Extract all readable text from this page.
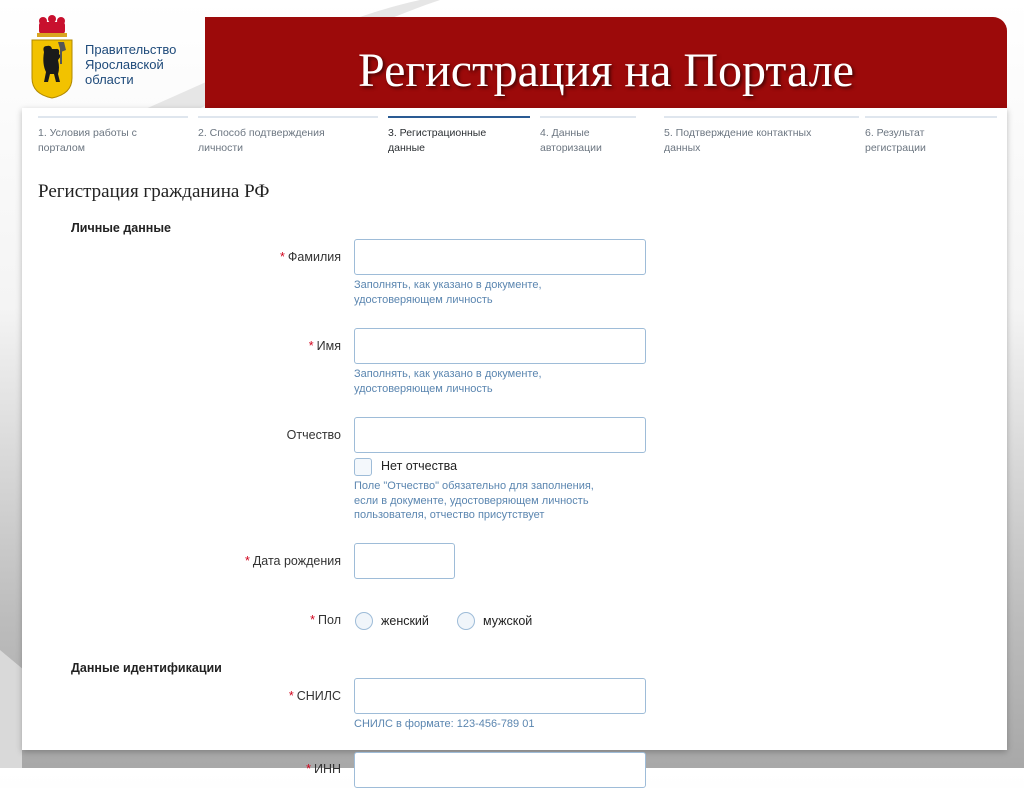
Правительство
Ярославской
области	Регистрация на Портале
1. Условия работы с
порталом
2. Способ подтверждения
личности
3. Регистрационные
данные
4. Данные
авторизации
5. Подтверждение контактных
данных
6. Результат
регистрации
Регистрация гражданина РФ
Личные данные
* Фамилия
Заполнять, как указано в документе,
удостоверяющем личность
* Имя
Заполнять, как указано в документе,
удостоверяющем личность
Отчество
Нет отчества
Поле "Отчество" обязательно для заполнения,
если в документе, удостоверяющем личность
пользователя, отчество присутствует
* Дата рождения
* Пол	женский	мужской
Данные идентификации
* СНИЛС
СНИЛС в формате: 123-456-789 01
* ИНН
